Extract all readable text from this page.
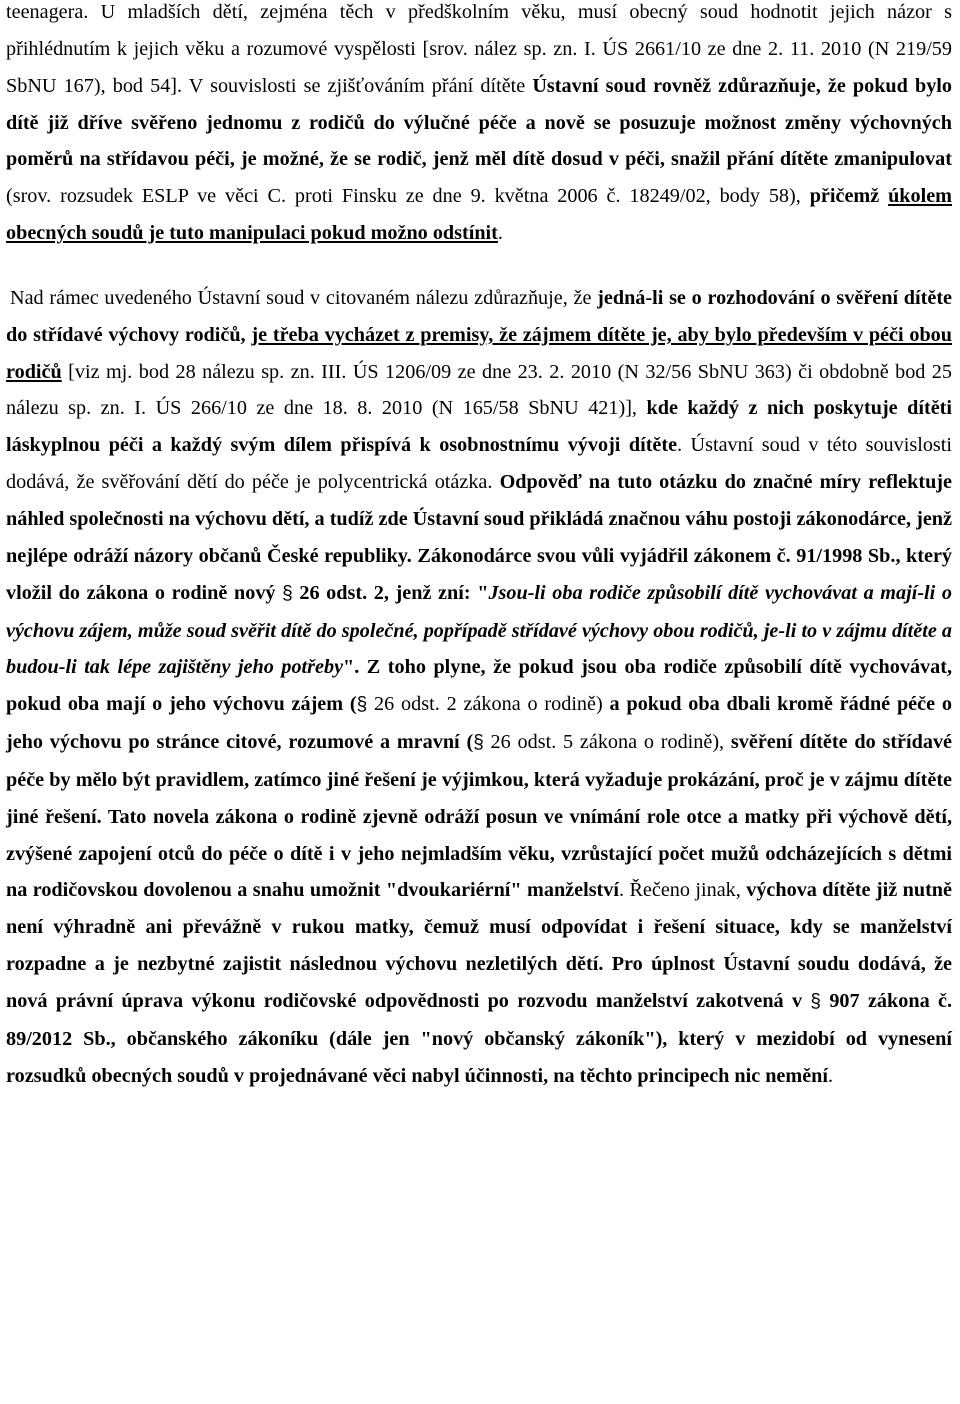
teenagera. U mladších dětí, zejména těch v předškolním věku, musí obecný soud hodnotit jejich názor s přihlédnutím k jejich věku a rozumové vyspělosti [srov. nález sp. zn. I. ÚS 2661/10 ze dne 2. 11. 2010 (N 219/59 SbNU 167), bod 54]. V souvislosti se zjišťováním přání dítěte Ústavní soud rovněž zdůrazňuje, že pokud bylo dítě již dříve svěřeno jednomu z rodičů do výlučné péče a nově se posuzuje možnost změny výchovných poměrů na střídavou péči, je možné, že se rodič, jenž měl dítě dosud v péči, snažil přání dítěte zmanipulovat (srov. rozsudek ESLP ve věci C. proti Finsku ze dne 9. května 2006 č. 18249/02, body 58), přičemž úkolem obecných soudů je tuto manipulaci pokud možno odstínit.

Nad rámec uvedeného Ústavní soud v citovaném nálezu zdůrazňuje, že jedná-li se o rozhodování o svěření dítěte do střídavé výchovy rodičů, je třeba vycházet z premisy, že zájmem dítěte je, aby bylo především v péči obou rodičů [viz mj. bod 28 nálezu sp. zn. III. ÚS 1206/09 ze dne 23. 2. 2010 (N 32/56 SbNU 363) či obdobně bod 25 nálezu sp. zn. I. ÚS 266/10 ze dne 18. 8. 2010 (N 165/58 SbNU 421)], kde každý z nich poskytuje dítěti láskyplnou péči a každý svým dílem přispívá k osobnostnímu vývoji dítěte. Ústavní soud v této souvislosti dodává, že svěřování dětí do péče je polycentrická otázka. Odpověď na tuto otázku do značné míry reflektuje náhled společnosti na výchovu dětí, a tudíž zde Ústavní soud přikládá značnou váhu postoji zákonodárce, jenž nejlépe odráží názory občanů České republiky. Zákonodárce svou vůli vyjádřil zákonem č. 91/1998 Sb., který vložil do zákona o rodině nový § 26 odst. 2, jenž zní: "Jsou-li oba rodiče způsobilí dítě vychovávat a mají-li o výchovu zájem, může soud svěřit dítě do společné, popřípadě střídavé výchovy obou rodičů, je-li to v zájmu dítěte a budou-li tak lépe zajištěny jeho potřeby". Z toho plyne, že pokud jsou oba rodiče způsobilí dítě vychovávat, pokud oba mají o jeho výchovu zájem (§ 26 odst. 2 zákona o rodině) a pokud oba dbali kromě řádné péče o jeho výchovu po stránce citové, rozumové a mravní (§ 26 odst. 5 zákona o rodině), svěření dítěte do střídavé péče by mělo být pravidlem, zatímco jiné řešení je výjimkou, která vyžaduje prokázání, proč je v zájmu dítěte jiné řešení. Tato novela zákona o rodině zjevně odráží posun ve vnímání role otce a matky při výchově dětí, zvýšené zapojení otců do péče o dítě i v jeho nejmladším věku, vzrůstající počet mužů odcházejících s dětmi na rodičovskou dovolenou a snahu umožnit "dvoukariérní" manželství. Řečeno jinak, výchova dítěte již nutně není výhradně ani převážně v rukou matky, čemuž musí odpovídat i řešení situace, kdy se manželství rozpadne a je nezbytné zajistit následnou výchovu nezletilých dětí. Pro úplnost Ústavní soudu dodává, že nová právní úprava výkonu rodičovské odpovědnosti po rozvodu manželství zakotvená v § 907 zákona č. 89/2012 Sb., občanského zákoníku (dále jen "nový občanský zákoník"), který v mezidobí od vynesení rozsudků obecných soudů v projednávané věci nabyl účinnosti, na těchto principech nic nemění.
